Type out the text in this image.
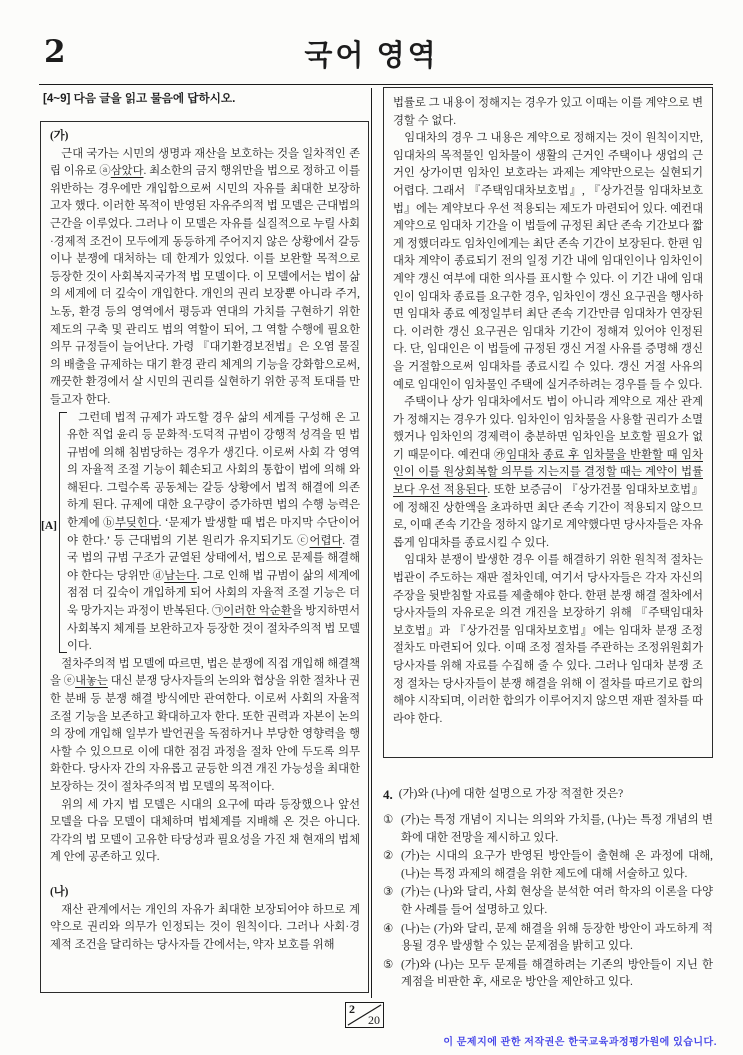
2	국어 영역
[4~9] 다음 글을 읽고 물음에 답하시오.
(가)

근대 국가는 시민의 생명과 재산을 보호하는 것을 일차적인 존립 이유로 ⓐ삼았다. 최소한의 금지 행위만을 법으로 정하고 이를 위반하는 경우에만 개입함으로써 시민의 자유를 최대한 보장하고자 했다. 이러한 목적이 반영된 자유주의적 법 모델은 근대법의 근간을 이루었다. 그러나 이 모델은 자유를 실질적으로 누릴 사회·경제적 조건이 모두에게 동등하게 주어지지 않은 상황에서 갈등이나 분쟁에 대처하는 데 한계가 있었다. 이를 보완할 목적으로 등장한 것이 사회복지국가적 법 모델이다. 이 모델에서는 법이 삶의 세계에 더 깊숙이 개입한다. 개인의 권리 보장뿐 아니라 주거, 노동, 환경 등의 영역에서 평등과 연대의 가치를 구현하기 위한 제도의 구축 및 관리도 법의 역할이 되어, 그 역할 수행에 필요한 의무 규정들이 늘어난다. 가령 『대기환경보전법』은 오염 물질의 배출을 규제하는 대기 환경 관리 체계의 기능을 강화함으로써, 깨끗한 환경에서 살 시민의 권리를 실현하기 위한 공적 토대를 만들고자 한다.

[A]

그런데 법적 규제가 과도할 경우 삶의 세계를 구성해 온 고유한 직업 윤리 등 문화적·도덕적 규범이 강행적 성격을 띤 법 규범에 의해 침범당하는 경우가 생긴다. 이로써 사회 각 영역의 자율적 조절 기능이 훼손되고 사회의 통합이 법에 의해 와해된다. 그럴수록 공동체는 갈등 상황에서 법적 해결에 의존하게 된다. 규제에 대한 요구량이 증가하면 법의 수행 능력은 한계에 ⓑ부딪힌다. ‘문제가 발생할 때 법은 마지막 수단이어야 한다.’ 등 근대법의 기본 원리가 유지되기도 ⓒ어렵다. 결국 법의 규범 구조가 균열된 상태에서, 법으로 문제를 해결해야 한다는 당위만 ⓓ남는다. 그로 인해 법 규범이 삶의 세계에 점점 더 깊숙이 개입하게 되어 사회의 자율적 조절 기능은 더욱 망가지는 과정이 반복된다. ㉠이러한 악순환을 방지하면서 사회복지 체계를 보완하고자 등장한 것이 절차주의적 법 모델이다.

절차주의적 법 모델에 따르면, 법은 분쟁에 직접 개입해 해결책을 ⓔ내놓는 대신 분쟁 당사자들의 논의와 협상을 위한 절차나 권한 분배 등 분쟁 해결 방식에만 관여한다. 이로써 사회의 자율적 조절 기능을 보존하고 확대하고자 한다. 또한 권력과 자본이 논의의 장에 개입해 일부가 발언권을 독점하거나 부당한 영향력을 행사할 수 있으므로 이에 대한 점검 과정을 절차 안에 두도록 의무화한다. 당사자 간의 자유롭고 균등한 의견 개진 가능성을 최대한 보장하는 것이 절차주의적 법 모델의 목적이다.

위의 세 가지 법 모델은 시대의 요구에 따라 등장했으나 앞선 모델을 다음 모델이 대체하며 법체계를 지배해 온 것은 아니다. 각각의 법 모델이 고유한 타당성과 필요성을 가진 채 현재의 법체계 안에 공존하고 있다.

(나)

재산 관계에서는 개인의 자유가 최대한 보장되어야 하므로 계약으로 권리와 의무가 인정되는 것이 원칙이다. 그러나 사회·경제적 조건을 달리하는 당사자들 간에서는, 약자 보호를 위해

법률로 그 내용이 정해지는 경우가 있고 이때는 이를 계약으로 변경할 수 없다.

임대차의 경우 그 내용은 계약으로 정해지는 것이 원칙이지만, 임대차의 목적물인 임차물이 생활의 근거인 주택이나 생업의 근거인 상가이면 임차인 보호라는 과제는 계약만으로는 실현되기 어렵다. 그래서 『주택임대차보호법』, 『상가건물 임대차보호법』에는 계약보다 우선 적용되는 제도가 마련되어 있다. 예컨대 계약으로 임대차 기간을 이 법들에 규정된 최단 존속 기간보다 짧게 정했더라도 임차인에게는 최단 존속 기간이 보장된다. 한편 임대차 계약이 종료되기 전의 일정 기간 내에 임대인이나 임차인이 계약 갱신 여부에 대한 의사를 표시할 수 있다. 이 기간 내에 임대인이 임대차 종료를 요구한 경우, 임차인이 갱신 요구권을 행사하면 임대차 종료 예정일부터 최단 존속 기간만큼 임대차가 연장된다. 이러한 갱신 요구권은 임대차 기간이 정해져 있어야 인정된다. 단, 임대인은 이 법들에 규정된 갱신 거절 사유를 증명해 갱신을 거절함으로써 임대차를 종료시킬 수 있다. 갱신 거절 사유의 예로 임대인이 임차물인 주택에 실거주하려는 경우를 들 수 있다.

주택이나 상가 임대차에서도 법이 아니라 계약으로 재산 관계가 정해지는 경우가 있다. 임차인이 임차물을 사용할 권리가 소멸했거나 임차인의 경제력이 충분하면 임차인을 보호할 필요가 없기 때문이다. 예컨대 ㉮임대차 종료 후 임차물을 반환할 때 임차인이 이를 원상회복할 의무를 지는지를 결정할 때는 계약이 법률보다 우선 적용된다. 또한 보증금이 『상가건물 임대차보호법』에 정해진 상한액을 초과하면 최단 존속 기간이 적용되지 않으므로, 이때 존속 기간을 정하지 않기로 계약했다면 당사자들은 자유롭게 임대차를 종료시킬 수 있다.

임대차 분쟁이 발생한 경우 이를 해결하기 위한 원칙적 절차는 법관이 주도하는 재판 절차인데, 여기서 당사자들은 각자 자신의 주장을 뒷받침할 자료를 제출해야 한다. 한편 분쟁 해결 절차에서 당사자들의 자유로운 의견 개진을 보장하기 위해 『주택임대차보호법』과 『상가건물 임대차보호법』에는 임대차 분쟁 조정 절차도 마련되어 있다. 이때 조정 절차를 주관하는 조정위원회가 당사자를 위해 자료를 수집해 줄 수 있다. 그러나 임대차 분쟁 조정 절차는 당사자들이 분쟁 해결을 위해 이 절차를 따르기로 합의해야 시작되며, 이러한 합의가 이루어지지 않으면 재판 절차를 따라야 한다.

4. (가)와 (나)에 대한 설명으로 가장 적절한 것은?
① (가)는 특정 개념이 지니는 의의와 가치를, (나)는 특정 개념의 변화에 대한 전망을 제시하고 있다.
② (가)는 시대의 요구가 반영된 방안들이 출현해 온 과정에 대해, (나)는 특정 과제의 해결을 위한 제도에 대해 서술하고 있다.
③ (가)는 (나)와 달리, 사회 현상을 분석한 여러 학자의 이론을 다양한 사례를 들어 설명하고 있다.
④ (나)는 (가)와 달리, 문제 해결을 위해 등장한 방안이 과도하게 적용될 경우 발생할 수 있는 문제점을 밝히고 있다.
⑤ (가)와 (나)는 모두 문제를 해결하려는 기존의 방안들이 지닌 한계점을 비판한 후, 새로운 방안을 제안하고 있다.
2
20
이 문제지에 관한 저작권은 한국교육과정평가원에 있습니다.
